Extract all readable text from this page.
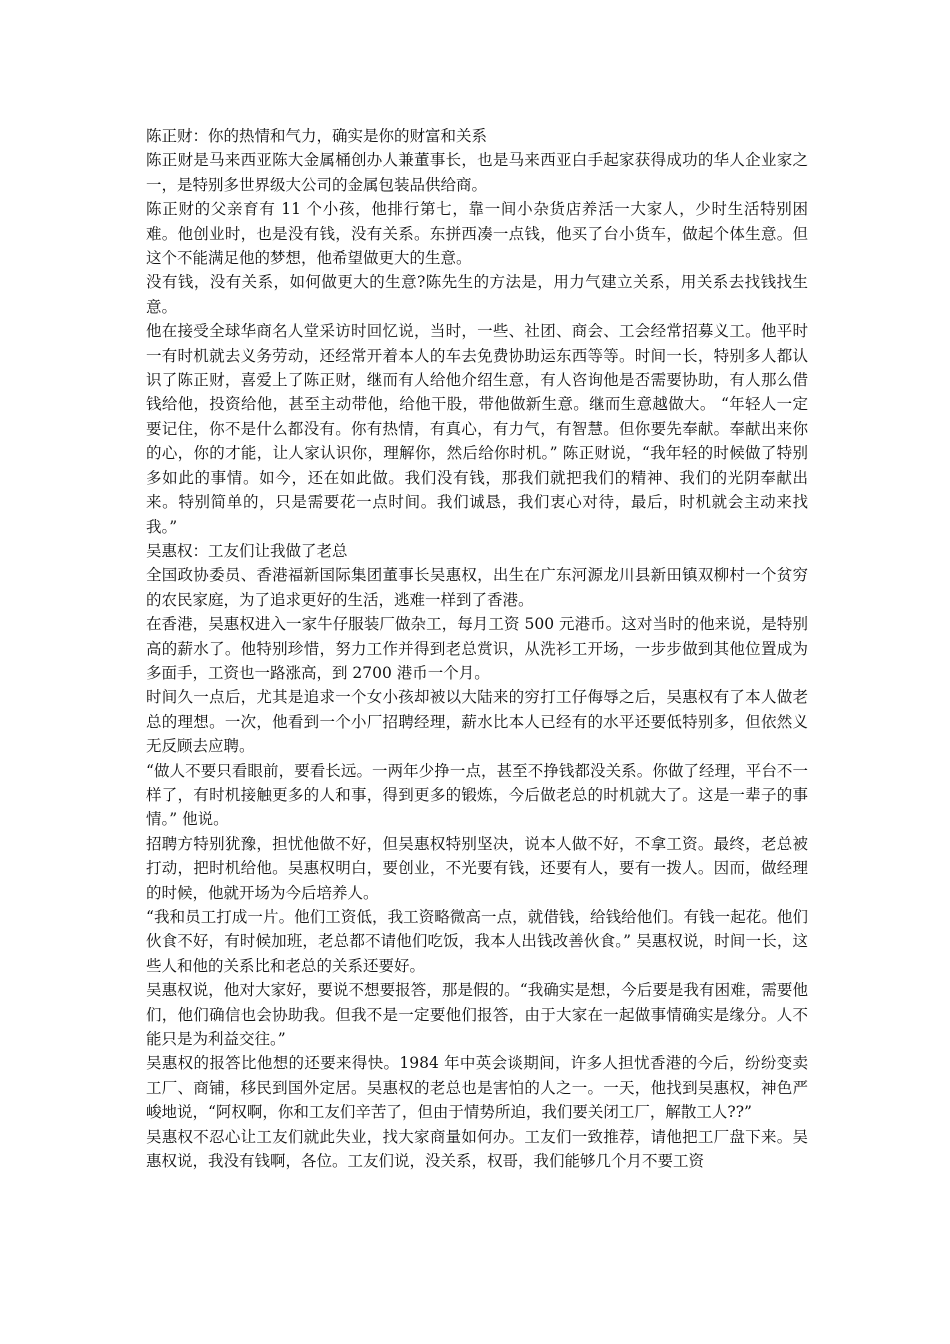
陈正财：你的热情和气力，确实是你的财富和关系

陈正财是马来西亚陈大金属桶创办人兼董事长，也是马来西亚白手起家获得成功的华人企业家之一，是特别多世界级大公司的金属包装品供给商。

陈正财的父亲育有 11 个小孩，他排行第七，靠一间小杂货店养活一大家人，少时生活特别困难。他创业时，也是没有钱，没有关系。东拼西凑一点钱，他买了台小货车，做起个体生意。但这个不能满足他的梦想，他希望做更大的生意。

没有钱，没有关系，如何做更大的生意?陈先生的方法是，用力气建立关系，用关系去找钱找生意。

他在接受全球华商名人堂采访时回忆说，当时，一些、社团、商会、工会经常招募义工。他平时一有时机就去义务劳动，还经常开着本人的车去免费协助运东西等等。时间一长，特别多人都认识了陈正财，喜爱上了陈正财，继而有人给他介绍生意，有人咨询他是否需要协助，有人那么借钱给他，投资给他，甚至主动带他，给他干股，带他做新生意。继而生意越做大。 “年轻人一定要记住，你不是什么都没有。你有热情，有真心，有力气，有智慧。但你要先奉献。奉献出来你的心，你的才能，让人家认识你，理解你，然后给你时机。” 陈正财说，“我年轻的时候做了特别多如此的事情。如今，还在如此做。我们没有钱，那我们就把我们的精神、我们的光阴奉献出来。特别简单的，只是需要花一点时间。我们诚恳，我们衷心对待，最后，时机就会主动来找我。”

吴惠权：工友们让我做了老总

全国政协委员、香港福新国际集团董事长吴惠权，出生在广东河源龙川县新田镇双柳村一个贫穷的农民家庭，为了追求更好的生活，逃难一样到了香港。

在香港，吴惠权进入一家牛仔服装厂做杂工，每月工资 500 元港币。这对当时的他来说，是特别高的薪水了。他特别珍惜，努力工作并得到老总赏识，从洗衫工开场，一步步做到其他位置成为多面手，工资也一路涨高，到 2700 港币一个月。

时间久一点后，尤其是追求一个女小孩却被以大陆来的穷打工仔侮辱之后，吴惠权有了本人做老总的理想。一次，他看到一个小厂招聘经理，薪水比本人已经有的水平还要低特别多，但依然义无反顾去应聘。

“做人不要只看眼前，要看长远。一两年少挣一点，甚至不挣钱都没关系。你做了经理，平台不一样了，有时机接触更多的人和事，得到更多的锻炼，今后做老总的时机就大了。这是一辈子的事情。” 他说。

招聘方特别犹豫，担忧他做不好，但吴惠权特别坚决，说本人做不好，不拿工资。最终，老总被打动，把时机给他。吴惠权明白，要创业，不光要有钱，还要有人，要有一拨人。因而，做经理的时候，他就开场为今后培养人。

“我和员工打成一片。他们工资低，我工资略微高一点，就借钱，给钱给他们。有钱一起花。他们伙食不好，有时候加班，老总都不请他们吃饭，我本人出钱改善伙食。” 吴惠权说，时间一长，这些人和他的关系比和老总的关系还要好。

吴惠权说，他对大家好，要说不想要报答，那是假的。“我确实是想，今后要是我有困难，需要他们，他们确信也会协助我。但我不是一定要他们报答，由于大家在一起做事情确实是缘分。人不能只是为利益交往。”

吴惠权的报答比他想的还要来得快。1984 年中英会谈期间，许多人担忧香港的今后，纷纷变卖工厂、商铺，移民到国外定居。吴惠权的老总也是害怕的人之一。一天，他找到吴惠权，神色严峻地说，“阿权啊，你和工友们辛苦了，但由于情势所迫，我们要关闭工厂，解散工人??”

吴惠权不忍心让工友们就此失业，找大家商量如何办。工友们一致推荐，请他把工厂盘下来。吴惠权说，我没有钱啊，各位。工友们说，没关系，权哥，我们能够几个月不要工资
